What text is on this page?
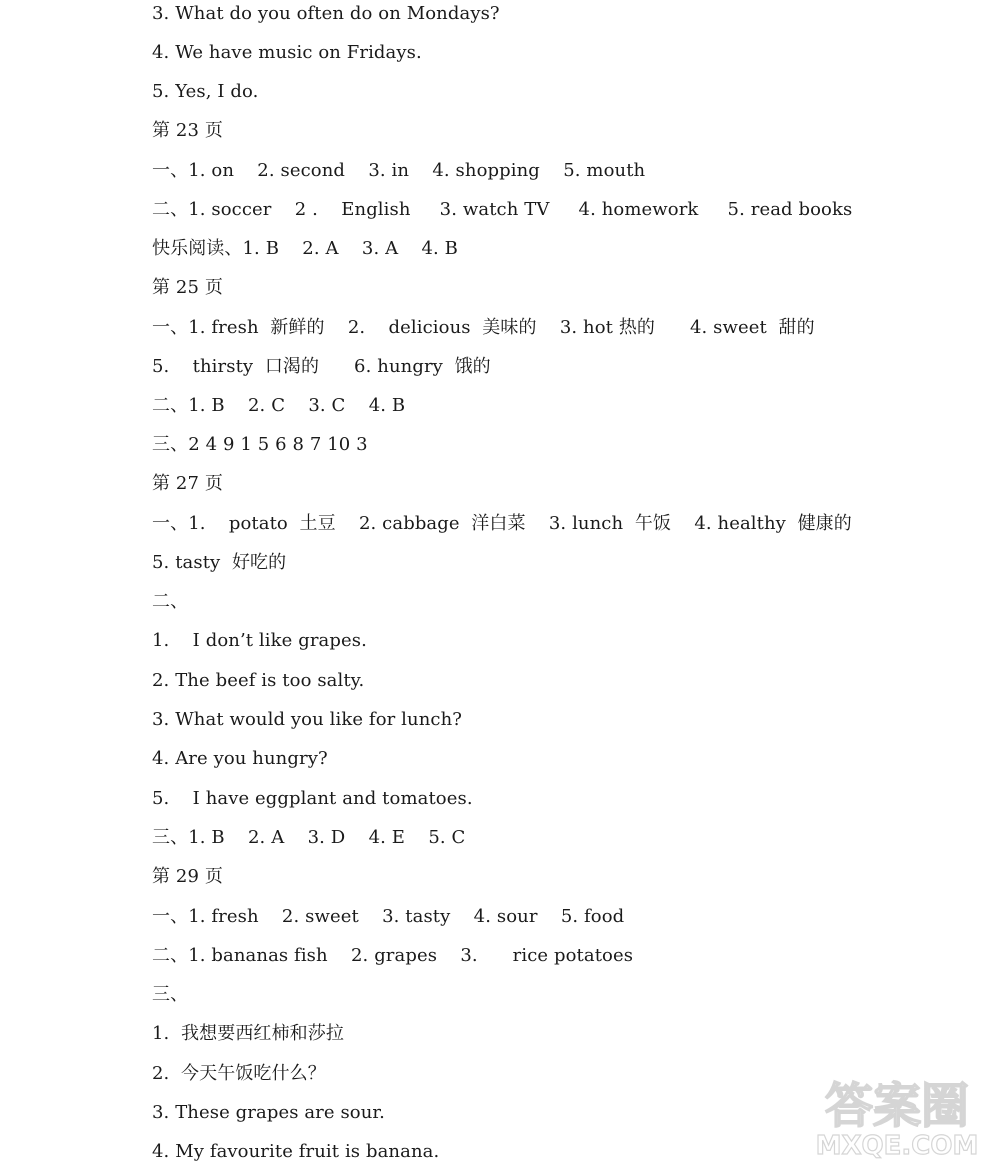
3. What do you often do on Mondays?
4. We have music on Fridays.
5. Yes, I do.
第 23 页
一、1. on    2. second    3. in    4. shopping    5. mouth
二、1. soccer    2 .    English     3. watch TV     4. homework     5. read books
快乐阅读、1. B    2. A    3. A    4. B
第 25 页
一、1. fresh  新鲜的    2.    delicious  美味的    3. hot 热的      4. sweet  甜的
5.    thirsty  口渴的      6. hungry  饿的
二、1. B    2. C    3. C    4. B
三、2 4 9 1 5 6 8 7 10 3
第 27 页
一、1.    potato  土豆    2. cabbage  洋白菜    3. lunch  午饭    4. healthy  健康的
5. tasty  好吃的
二、
1.    I don’t like grapes.
2. The beef is too salty.
3. What would you like for lunch?
4. Are you hungry?
5.    I have eggplant and tomatoes.
三、1. B    2. A    3. D    4. E    5. C
第 29 页
一、1. fresh    2. sweet    3. tasty    4. sour    5. food
二、1. bananas fish    2. grapes    3.      rice potatoes
三、
1.  我想要西红柿和莎拉
2.  今天午饭吃什么？
3. These grapes are sour.
4. My favourite fruit is banana.
答案圈
MXQE.COM
